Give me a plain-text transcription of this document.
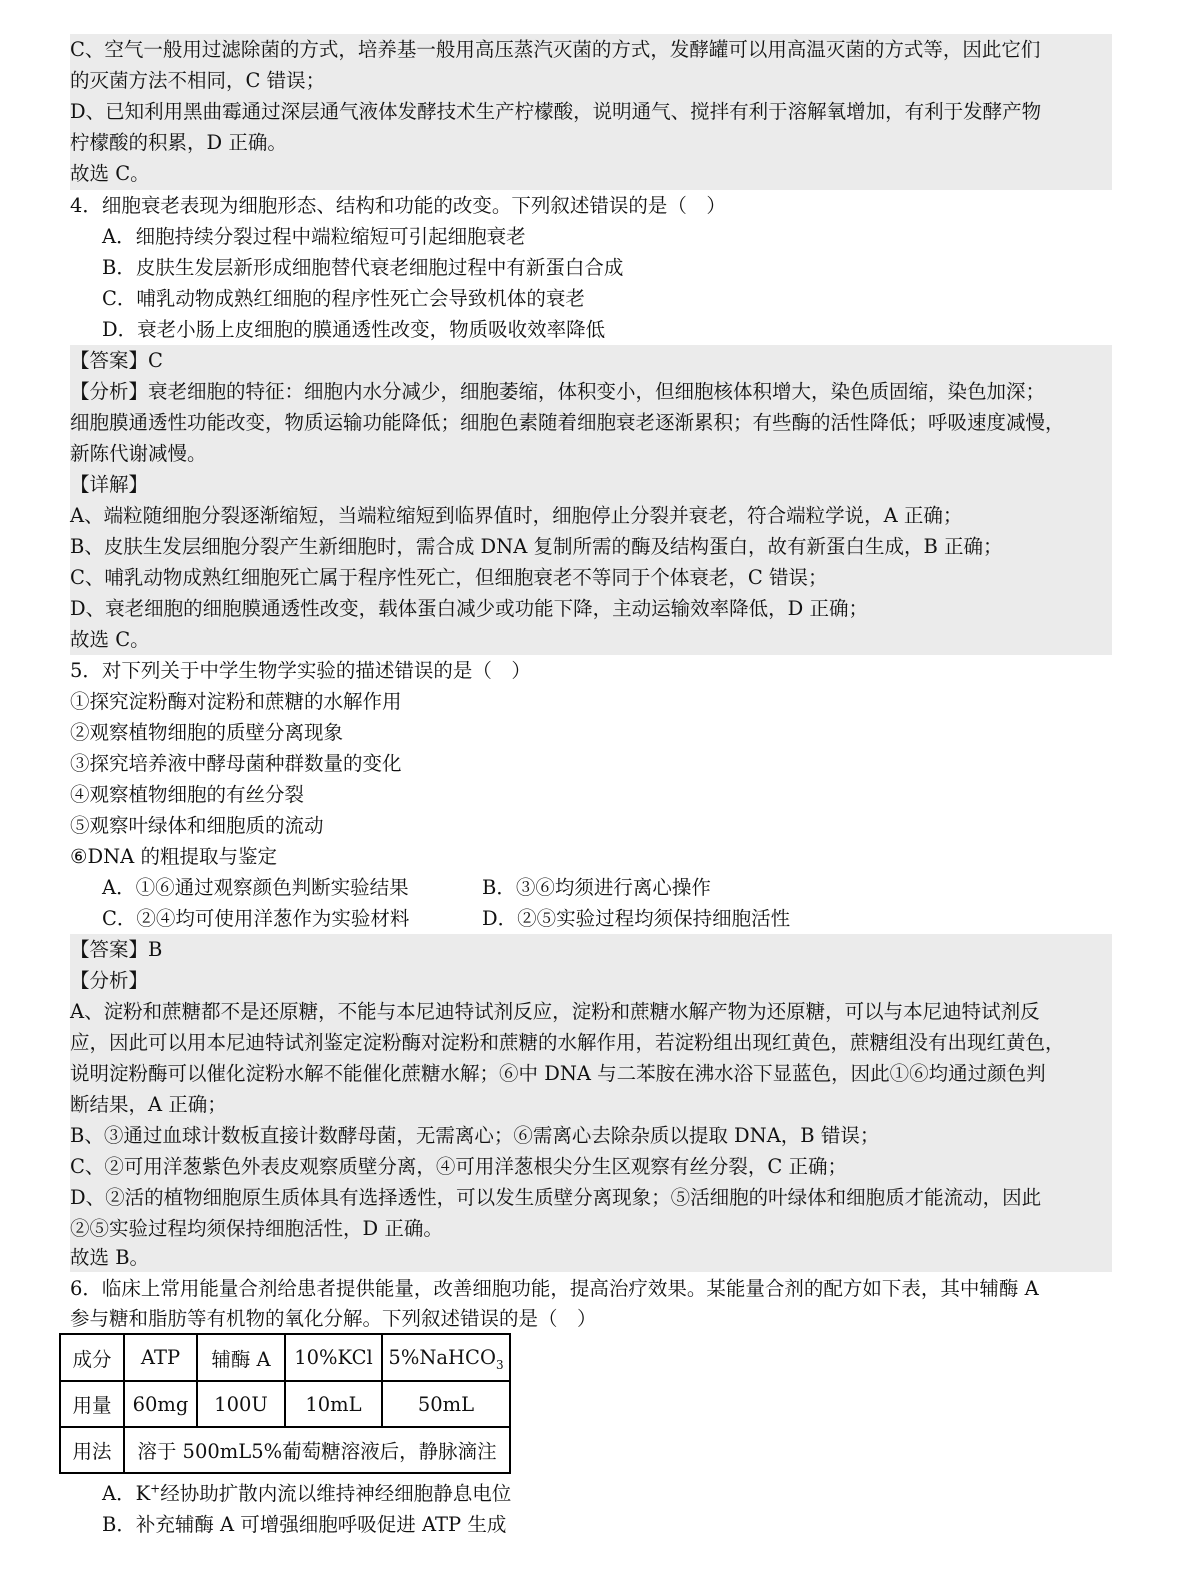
C、空气一般用过滤除菌的方式，培养基一般用高压蒸汽灭菌的方式，发酵罐可以用高温灭菌的方式等，因此它们
的灭菌方法不相同，C 错误；
D、已知利用黑曲霉通过深层通气液体发酵技术生产柠檬酸，说明通气、搅拌有利于溶解氧增加，有利于发酵产物
柠檬酸的积累，D 正确。
故选 C。
4．细胞衰老表现为细胞形态、结构和功能的改变。下列叙述错误的是（　）
A．细胞持续分裂过程中端粒缩短可引起细胞衰老
B．皮肤生发层新形成细胞替代衰老细胞过程中有新蛋白合成
C．哺乳动物成熟红细胞的程序性死亡会导致机体的衰老
D．衰老小肠上皮细胞的膜通透性改变，物质吸收效率降低
【答案】C
【分析】衰老细胞的特征：细胞内水分减少，细胞萎缩，体积变小，但细胞核体积增大，染色质固缩，染色加深；
细胞膜通透性功能改变，物质运输功能降低；细胞色素随着细胞衰老逐渐累积；有些酶的活性降低；呼吸速度减慢，
新陈代谢减慢。
【详解】
A、端粒随细胞分裂逐渐缩短，当端粒缩短到临界值时，细胞停止分裂并衰老，符合端粒学说，A 正确；
B、皮肤生发层细胞分裂产生新细胞时，需合成 DNA 复制所需的酶及结构蛋白，故有新蛋白生成，B 正确；
C、哺乳动物成熟红细胞死亡属于程序性死亡，但细胞衰老不等同于个体衰老，C 错误；
D、衰老细胞的细胞膜通透性改变，载体蛋白减少或功能下降，主动运输效率降低，D 正确；
故选 C。
5．对下列关于中学生物学实验的描述错误的是（　）
①探究淀粉酶对淀粉和蔗糖的水解作用
②观察植物细胞的质壁分离现象
③探究培养液中酵母菌种群数量的变化
④观察植物细胞的有丝分裂
⑤观察叶绿体和细胞质的流动
⑥DNA 的粗提取与鉴定
A．①⑥通过观察颜色判断实验结果	B．③⑥均须进行离心操作
C．②④均可使用洋葱作为实验材料	D．②⑤实验过程均须保持细胞活性
【答案】B
【分析】
A、淀粉和蔗糖都不是还原糖，不能与本尼迪特试剂反应，淀粉和蔗糖水解产物为还原糖，可以与本尼迪特试剂反
应，因此可以用本尼迪特试剂鉴定淀粉酶对淀粉和蔗糖的水解作用，若淀粉组出现红黄色，蔗糖组没有出现红黄色，
说明淀粉酶可以催化淀粉水解不能催化蔗糖水解；⑥中 DNA 与二苯胺在沸水浴下显蓝色，因此①⑥均通过颜色判
断结果，A 正确；
B、③通过血球计数板直接计数酵母菌，无需离心；⑥需离心去除杂质以提取 DNA，B 错误；
C、②可用洋葱紫色外表皮观察质壁分离，④可用洋葱根尖分生区观察有丝分裂，C 正确；
D、②活的植物细胞原生质体具有选择透性，可以发生质壁分离现象；⑤活细胞的叶绿体和细胞质才能流动，因此
②⑤实验过程均须保持细胞活性，D 正确。
故选 B。
6．临床上常用能量合剂给患者提供能量，改善细胞功能，提高治疗效果。某能量合剂的配方如下表，其中辅酶 A
参与糖和脂肪等有机物的氧化分解。下列叙述错误的是（　）
成分	ATP	辅酶 A	10%KCl	5%NaHCO$_3$
用量	60mg	100U	10mL	50mL
用法	溶于 500mL5%葡萄糖溶液后，静脉滴注			
A．K+经协助扩散内流以维持神经细胞静息电位
B．补充辅酶 A 可增强细胞呼吸促进 ATP 生成
